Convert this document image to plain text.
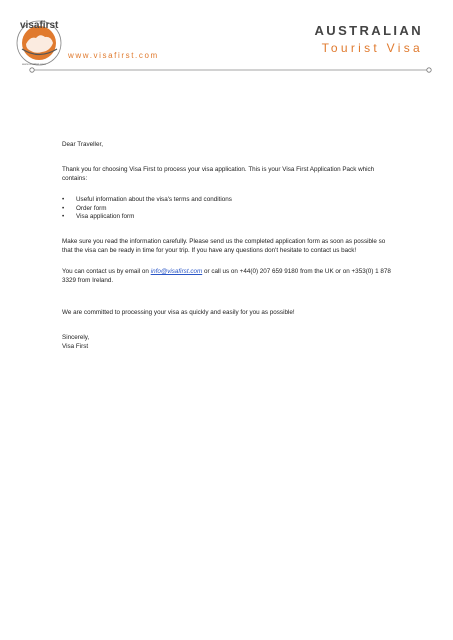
visafirst
www.visafirst.com
www.visafirst.com
AUSTRALIAN
Tourist Visa

Dear Traveller,

Thank you for choosing Visa First to process your visa application. This is your Visa First Application Pack which contains:

• Useful information about the visa's terms and conditions
• Order form
• Visa application form

Make sure you read the information carefully. Please send us the completed application form as soon as possible so that the visa can be ready in time for your trip. If you have any questions don't hesitate to contact us back!

You can contact us by email on info@visafirst.com or call us on +44(0) 207 659 9180 from the UK or on +353(0) 1 878 3329 from Ireland.

We are committed to processing your visa as quickly and easily for you as possible!

Sincerely,

Visa First
